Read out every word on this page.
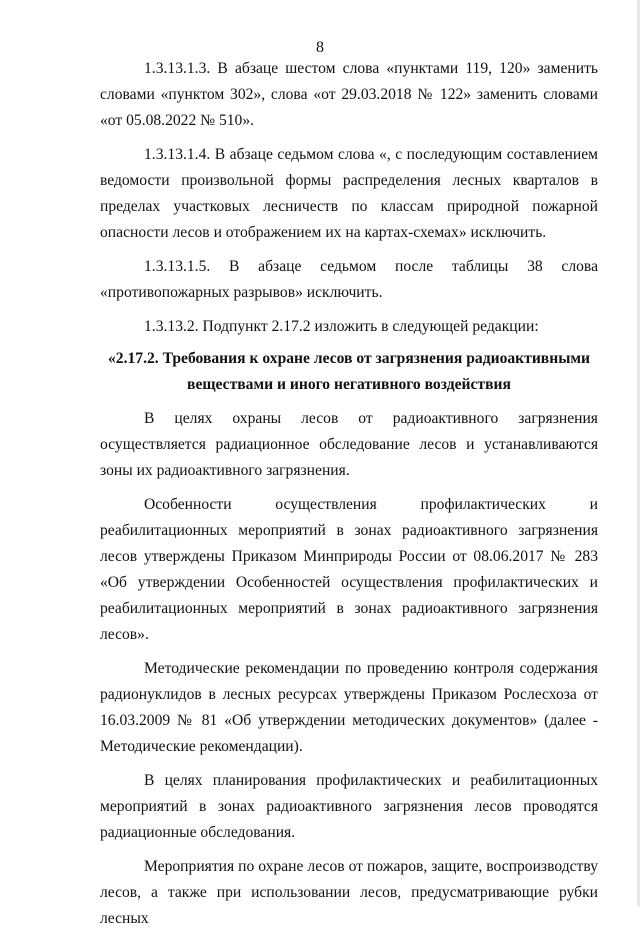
8

1.3.13.1.3. В абзаце шестом слова «пунктами 119, 120» заменить словами «пунктом 302», слова «от 29.03.2018 № 122» заменить словами «от 05.08.2022 № 510».

1.3.13.1.4. В абзаце седьмом слова «, с последующим составлением ведомости произвольной формы распределения лесных кварталов в пределах участковых лесничеств по классам природной пожарной опасности лесов и отображением их на картах-схемах» исключить.

1.3.13.1.5. В абзаце седьмом после таблицы 38 слова «противопожарных разрывов» исключить.

1.3.13.2. Подпункт 2.17.2 изложить в следующей редакции:

«2.17.2. Требования к охране лесов от загрязнения радиоактивными веществами и иного негативного воздействия

В целях охраны лесов от радиоактивного загрязнения осуществляется радиационное обследование лесов и устанавливаются зоны их радиоактивного загрязнения.

Особенности осуществления профилактических и реабилитационных мероприятий в зонах радиоактивного загрязнения лесов утверждены Приказом Минприроды России от 08.06.2017 № 283 «Об утверждении Особенностей осуществления профилактических и реабилитационных мероприятий в зонах радиоактивного загрязнения лесов».

Методические рекомендации по проведению контроля содержания радионуклидов в лесных ресурсах утверждены Приказом Рослесхоза от 16.03.2009 № 81 «Об утверждении методических документов» (далее - Методические рекомендации).

В целях планирования профилактических и реабилитационных мероприятий в зонах радиоактивного загрязнения лесов проводятся радиационные обследования.

Мероприятия по охране лесов от пожаров, защите, воспроизводству лесов, а также при использовании лесов, предусматривающие рубки лесных
